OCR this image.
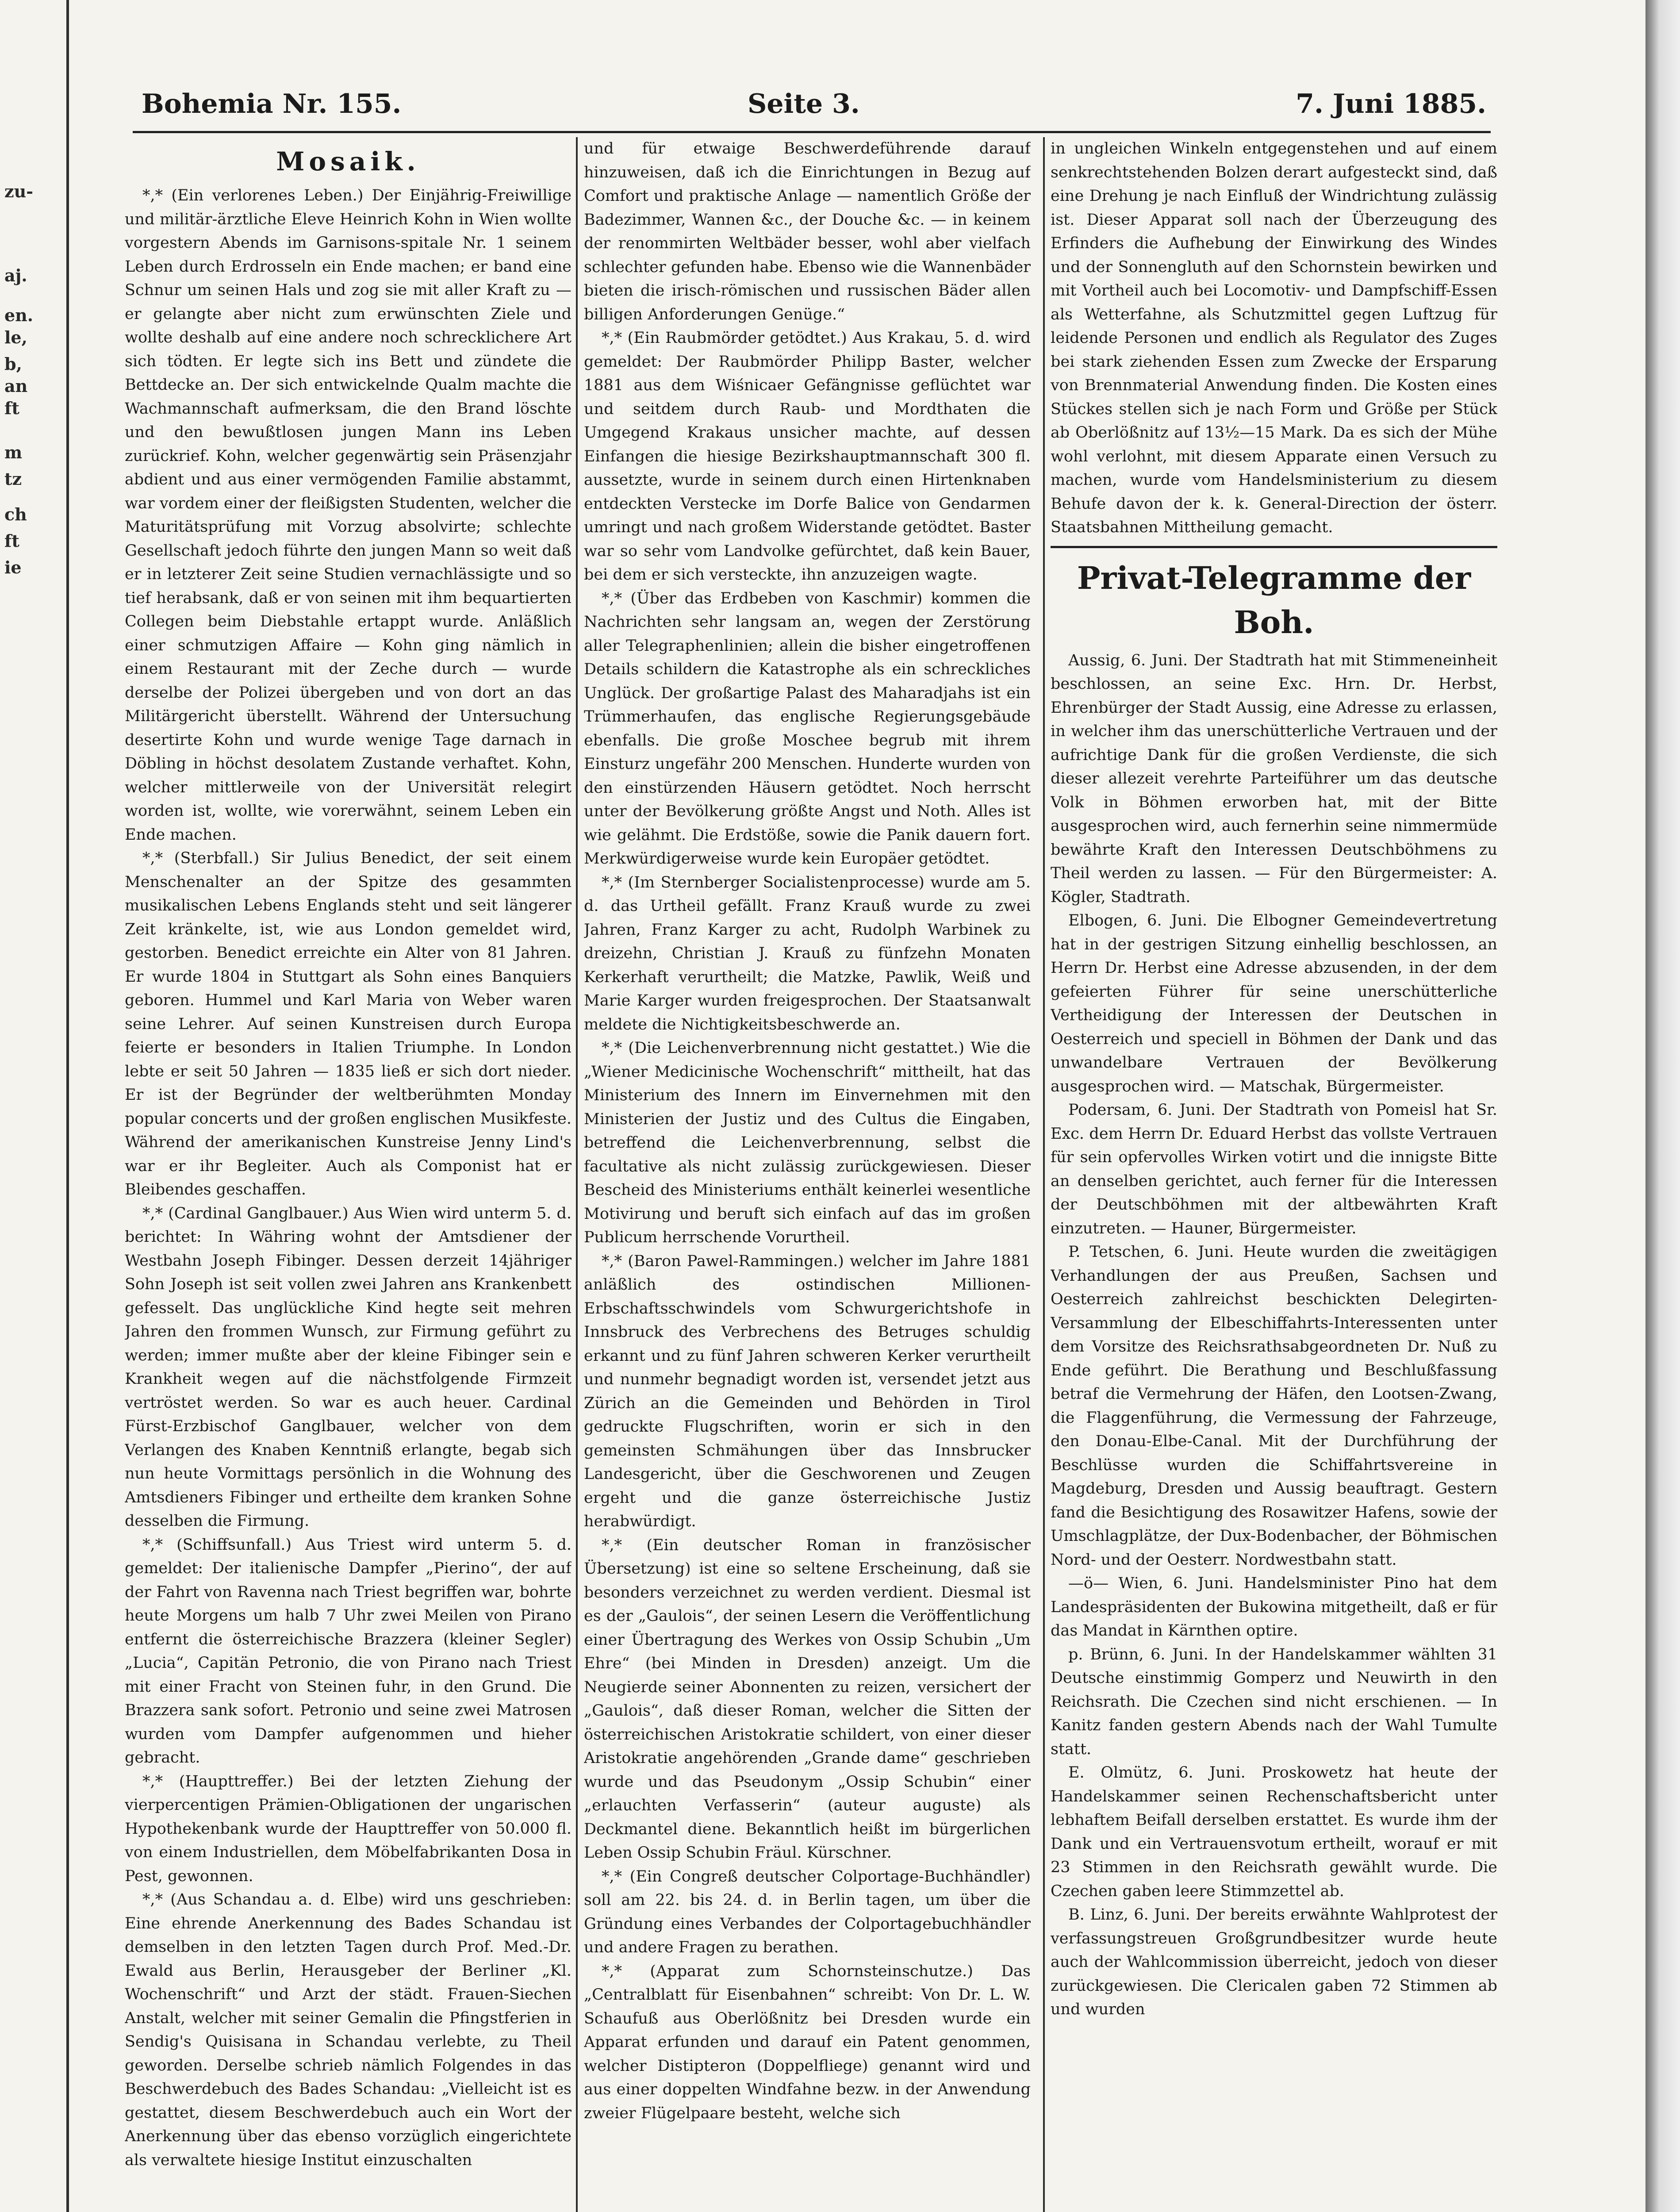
zu-
aj.
en.
le,
b,
an
ft
m
tz
ch
ft
ie
Bohemia Nr. 155.	Seite 3.	7. Juni 1885.
Mosaik.

*,* (Ein verlorenes Leben.) Der Einjährig-Freiwillige und militär-ärztliche Eleve Heinrich Kohn in Wien wollte vorgestern Abends im Garnisons-spitale Nr. 1 seinem Leben durch Erdrosseln ein Ende machen; er band eine Schnur um seinen Hals und zog sie mit aller Kraft zu — er gelangte aber nicht zum erwünschten Ziele und wollte deshalb auf eine andere noch schrecklichere Art sich tödten. Er legte sich ins Bett und zündete die Bettdecke an. Der sich entwickelnde Qualm machte die Wachmannschaft aufmerksam, die den Brand löschte und den bewußtlosen jungen Mann ins Leben zurückrief. Kohn, welcher gegenwärtig sein Präsenzjahr abdient und aus einer vermögenden Familie abstammt, war vordem einer der fleißigsten Studenten, welcher die Maturitätsprüfung mit Vorzug absolvirte; schlechte Gesellschaft jedoch führte den jungen Mann so weit daß er in letzterer Zeit seine Studien vernachlässigte und so tief herabsank, daß er von seinen mit ihm bequartierten Collegen beim Diebstahle ertappt wurde. Anläßlich einer schmutzigen Affaire — Kohn ging nämlich in einem Restaurant mit der Zeche durch — wurde derselbe der Polizei übergeben und von dort an das Militärgericht überstellt. Während der Untersuchung desertirte Kohn und wurde wenige Tage darnach in Döbling in höchst desolatem Zustande verhaftet. Kohn, welcher mittlerweile von der Universität relegirt worden ist, wollte, wie vorerwähnt, seinem Leben ein Ende machen.

*,* (Sterbfall.) Sir Julius Benedict, der seit einem Menschenalter an der Spitze des gesammten musikalischen Lebens Englands steht und seit längerer Zeit kränkelte, ist, wie aus London gemeldet wird, gestorben. Benedict erreichte ein Alter von 81 Jahren. Er wurde 1804 in Stuttgart als Sohn eines Banquiers geboren. Hummel und Karl Maria von Weber waren seine Lehrer. Auf seinen Kunstreisen durch Europa feierte er besonders in Italien Triumphe. In London lebte er seit 50 Jahren — 1835 ließ er sich dort nieder. Er ist der Begründer der weltberühmten Monday popular concerts und der großen englischen Musikfeste. Während der amerikanischen Kunstreise Jenny Lind's war er ihr Begleiter. Auch als Componist hat er Bleibendes geschaffen.

*,* (Cardinal Ganglbauer.) Aus Wien wird unterm 5. d. berichtet: In Währing wohnt der Amtsdiener der Westbahn Joseph Fibinger. Dessen derzeit 14jähriger Sohn Joseph ist seit vollen zwei Jahren ans Krankenbett gefesselt. Das unglückliche Kind hegte seit mehren Jahren den frommen Wunsch, zur Firmung geführt zu werden; immer mußte aber der kleine Fibinger sein e Krankheit wegen auf die nächstfolgende Firmzeit vertröstet werden. So war es auch heuer. Cardinal Fürst-Erzbischof Ganglbauer, welcher von dem Verlangen des Knaben Kenntniß erlangte, begab sich nun heute Vormittags persönlich in die Wohnung des Amtsdieners Fibinger und ertheilte dem kranken Sohne desselben die Firmung.

*,* (Schiffsunfall.) Aus Triest wird unterm 5. d. gemeldet: Der italienische Dampfer „Pierino“, der auf der Fahrt von Ravenna nach Triest begriffen war, bohrte heute Morgens um halb 7 Uhr zwei Meilen von Pirano entfernt die österreichische Brazzera (kleiner Segler) „Lucia“, Capitän Petronio, die von Pirano nach Triest mit einer Fracht von Steinen fuhr, in den Grund. Die Brazzera sank sofort. Petronio und seine zwei Matrosen wurden vom Dampfer aufgenommen und hieher gebracht.

*,* (Haupttreffer.) Bei der letzten Ziehung der vierpercentigen Prämien-Obligationen der ungarischen Hypothekenbank wurde der Haupttreffer von 50.000 fl. von einem Industriellen, dem Möbelfabrikanten Dosa in Pest, gewonnen.

*,* (Aus Schandau a. d. Elbe) wird uns geschrieben: Eine ehrende Anerkennung des Bades Schandau ist demselben in den letzten Tagen durch Prof. Med.-Dr. Ewald aus Berlin, Herausgeber der Berliner „Kl. Wochenschrift“ und Arzt der städt. Frauen-Siechen Anstalt, welcher mit seiner Gemalin die Pfingstferien in Sendig's Quisisana in Schandau verlebte, zu Theil geworden. Derselbe schrieb nämlich Folgendes in das Beschwerdebuch des Bades Schandau: „Vielleicht ist es gestattet, diesem Beschwerdebuch auch ein Wort der Anerkennung über das ebenso vorzüglich eingerichtete als verwaltete hiesige Institut einzuschalten

und für etwaige Beschwerdeführende darauf hinzuweisen, daß ich die Einrichtungen in Bezug auf Comfort und praktische Anlage — namentlich Größe der Badezimmer, Wannen &c., der Douche &c. — in keinem der renommirten Weltbäder besser, wohl aber vielfach schlechter gefunden habe. Ebenso wie die Wannenbäder bieten die irisch-römischen und russischen Bäder allen billigen Anforderungen Genüge.“

*,* (Ein Raubmörder getödtet.) Aus Krakau, 5. d. wird gemeldet: Der Raubmörder Philipp Baster, welcher 1881 aus dem Wiśnicaer Gefängnisse geflüchtet war und seitdem durch Raub- und Mordthaten die Umgegend Krakaus unsicher machte, auf dessen Einfangen die hiesige Bezirkshauptmannschaft 300 fl. aussetzte, wurde in seinem durch einen Hirtenknaben entdeckten Verstecke im Dorfe Balice von Gendarmen umringt und nach großem Widerstande getödtet. Baster war so sehr vom Landvolke gefürchtet, daß kein Bauer, bei dem er sich versteckte, ihn anzuzeigen wagte.

*,* (Über das Erdbeben von Kaschmir) kommen die Nachrichten sehr langsam an, wegen der Zerstörung aller Telegraphenlinien; allein die bisher eingetroffenen Details schildern die Katastrophe als ein schreckliches Unglück. Der großartige Palast des Maharadjahs ist ein Trümmerhaufen, das englische Regierungsgebäude ebenfalls. Die große Moschee begrub mit ihrem Einsturz ungefähr 200 Menschen. Hunderte wurden von den einstürzenden Häusern getödtet. Noch herrscht unter der Bevölkerung größte Angst und Noth. Alles ist wie gelähmt. Die Erdstöße, sowie die Panik dauern fort. Merkwürdigerweise wurde kein Europäer getödtet.

*,* (Im Sternberger Socialistenprocesse) wurde am 5. d. das Urtheil gefällt. Franz Krauß wurde zu zwei Jahren, Franz Karger zu acht, Rudolph Warbinek zu dreizehn, Christian J. Krauß zu fünfzehn Monaten Kerkerhaft verurtheilt; die Matzke, Pawlik, Weiß und Marie Karger wurden freigesprochen. Der Staatsanwalt meldete die Nichtigkeitsbeschwerde an.

*,* (Die Leichenverbrennung nicht gestattet.) Wie die „Wiener Medicinische Wochenschrift“ mittheilt, hat das Ministerium des Innern im Einvernehmen mit den Ministerien der Justiz und des Cultus die Eingaben, betreffend die Leichenverbrennung, selbst die facultative als nicht zulässig zurückgewiesen. Dieser Bescheid des Ministeriums enthält keinerlei wesentliche Motivirung und beruft sich einfach auf das im großen Publicum herrschende Vorurtheil.

*,* (Baron Pawel-Rammingen.) welcher im Jahre 1881 anläßlich des ostindischen Millionen-Erbschaftsschwindels vom Schwurgerichtshofe in Innsbruck des Verbrechens des Betruges schuldig erkannt und zu fünf Jahren schweren Kerker verurtheilt und nunmehr begnadigt worden ist, versendet jetzt aus Zürich an die Gemeinden und Behörden in Tirol gedruckte Flugschriften, worin er sich in den gemeinsten Schmähungen über das Innsbrucker Landesgericht, über die Geschworenen und Zeugen ergeht und die ganze österreichische Justiz herabwürdigt.

*,* (Ein deutscher Roman in französischer Übersetzung) ist eine so seltene Erscheinung, daß sie besonders verzeichnet zu werden verdient. Diesmal ist es der „Gaulois“, der seinen Lesern die Veröffentlichung einer Übertragung des Werkes von Ossip Schubin „Um Ehre“ (bei Minden in Dresden) anzeigt. Um die Neugierde seiner Abonnenten zu reizen, versichert der „Gaulois“, daß dieser Roman, welcher die Sitten der österreichischen Aristokratie schildert, von einer dieser Aristokratie angehörenden „Grande dame“ geschrieben wurde und das Pseudonym „Ossip Schubin“ einer „erlauchten Verfasserin“ (auteur auguste) als Deckmantel diene. Bekanntlich heißt im bürgerlichen Leben Ossip Schubin Fräul. Kürschner.

*,* (Ein Congreß deutscher Colportage-Buchhändler) soll am 22. bis 24. d. in Berlin tagen, um über die Gründung eines Verbandes der Colportagebuchhändler und andere Fragen zu berathen.

*,* (Apparat zum Schornsteinschutze.) Das „Centralblatt für Eisenbahnen“ schreibt: Von Dr. L. W. Schaufuß aus Oberlößnitz bei Dresden wurde ein Apparat erfunden und darauf ein Patent genommen, welcher Distipteron (Doppelfliege) genannt wird und aus einer doppelten Windfahne bezw. in der Anwendung zweier Flügelpaare besteht, welche sich

in ungleichen Winkeln entgegenstehen und auf einem senkrechtstehenden Bolzen derart aufgesteckt sind, daß eine Drehung je nach Einfluß der Windrichtung zulässig ist. Dieser Apparat soll nach der Überzeugung des Erfinders die Aufhebung der Einwirkung des Windes und der Sonnengluth auf den Schornstein bewirken und mit Vortheil auch bei Locomotiv- und Dampfschiff-Essen als Wetterfahne, als Schutzmittel gegen Luftzug für leidende Personen und endlich als Regulator des Zuges bei stark ziehenden Essen zum Zwecke der Ersparung von Brennmaterial Anwendung finden. Die Kosten eines Stückes stellen sich je nach Form und Größe per Stück ab Oberlößnitz auf 13½—15 Mark. Da es sich der Mühe wohl verlohnt, mit diesem Apparate einen Versuch zu machen, wurde vom Handelsministerium zu diesem Behufe davon der k. k. General-Direction der österr. Staatsbahnen Mittheilung gemacht.

Privat-Telegramme der Boh.

Aussig, 6. Juni. Der Stadtrath hat mit Stimmeneinheit beschlossen, an seine Exc. Hrn. Dr. Herbst, Ehrenbürger der Stadt Aussig, eine Adresse zu erlassen, in welcher ihm das unerschütterliche Vertrauen und der aufrichtige Dank für die großen Verdienste, die sich dieser allezeit verehrte Parteiführer um das deutsche Volk in Böhmen erworben hat, mit der Bitte ausgesprochen wird, auch fernerhin seine nimmermüde bewährte Kraft den Interessen Deutschböhmens zu Theil werden zu lassen. — Für den Bürgermeister: A. Kögler, Stadtrath.

Elbogen, 6. Juni. Die Elbogner Gemeindevertretung hat in der gestrigen Sitzung einhellig beschlossen, an Herrn Dr. Herbst eine Adresse abzusenden, in der dem gefeierten Führer für seine unerschütterliche Vertheidigung der Interessen der Deutschen in Oesterreich und speciell in Böhmen der Dank und das unwandelbare Vertrauen der Bevölkerung ausgesprochen wird. — Matschak, Bürgermeister.

Podersam, 6. Juni. Der Stadtrath von Pomeisl hat Sr. Exc. dem Herrn Dr. Eduard Herbst das vollste Vertrauen für sein opfervolles Wirken votirt und die innigste Bitte an denselben gerichtet, auch ferner für die Interessen der Deutschböhmen mit der altbewährten Kraft einzutreten. — Hauner, Bürgermeister.

P. Tetschen, 6. Juni. Heute wurden die zweitägigen Verhandlungen der aus Preußen, Sachsen und Oesterreich zahlreichst beschickten Delegirten-Versammlung der Elbeschiffahrts-Interessenten unter dem Vorsitze des Reichsrathsabgeordneten Dr. Nuß zu Ende geführt. Die Berathung und Beschlußfassung betraf die Vermehrung der Häfen, den Lootsen-Zwang, die Flaggenführung, die Vermessung der Fahrzeuge, den Donau-Elbe-Canal. Mit der Durchführung der Beschlüsse wurden die Schiffahrtsvereine in Magdeburg, Dresden und Aussig beauftragt. Gestern fand die Besichtigung des Rosawitzer Hafens, sowie der Umschlagplätze, der Dux-Bodenbacher, der Böhmischen Nord- und der Oesterr. Nordwestbahn statt.

—ö— Wien, 6. Juni. Handelsminister Pino hat dem Landespräsidenten der Bukowina mitgetheilt, daß er für das Mandat in Kärnthen optire.

p. Brünn, 6. Juni. In der Handelskammer wählten 31 Deutsche einstimmig Gomperz und Neuwirth in den Reichsrath. Die Czechen sind nicht erschienen. — In Kanitz fanden gestern Abends nach der Wahl Tumulte statt.

E. Olmütz, 6. Juni. Proskowetz hat heute der Handelskammer seinen Rechenschaftsbericht unter lebhaftem Beifall derselben erstattet. Es wurde ihm der Dank und ein Vertrauensvotum ertheilt, worauf er mit 23 Stimmen in den Reichsrath gewählt wurde. Die Czechen gaben leere Stimmzettel ab.

B. Linz, 6. Juni. Der bereits erwähnte Wahlprotest der verfassungstreuen Großgrundbesitzer wurde heute auch der Wahlcommission überreicht, jedoch von dieser zurückgewiesen. Die Clericalen gaben 72 Stimmen ab und wurden
